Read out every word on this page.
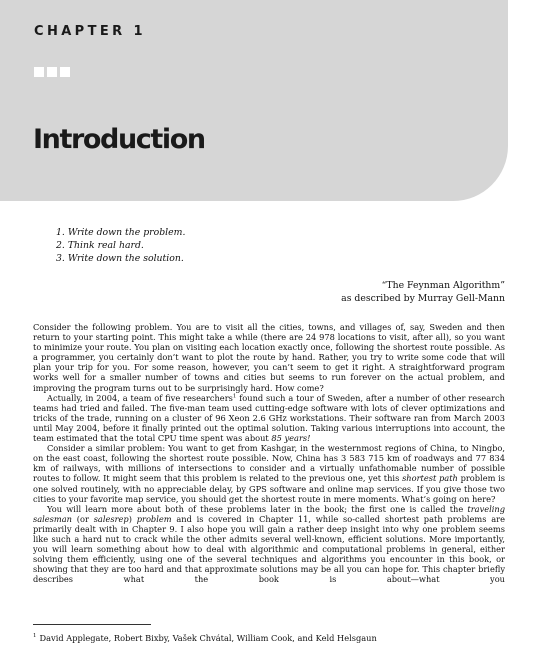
CHAPTER 1
Introduction
1. Write down the problem.
2. Think real hard.
3. Write down the solution.
“The Feynman Algorithm”
as described by Murray Gell-Mann

Consider the following problem. You are to visit all the cities, towns, and villages of, say, Sweden and then return to your starting point. This might take a while (there are 24 978 locations to visit, after all), so you want to minimize your route. You plan on visiting each location exactly once, following the shortest route possible. As a programmer, you certainly don’t want to plot the route by hand. Rather, you try to write some code that will plan your trip for you. For some reason, however, you can’t seem to get it right. A straightforward program works well for a smaller number of towns and cities but seems to run forever on the actual problem, and improving the program turns out to be surprisingly hard. How come?

Actually, in 2004, a team of five researchers$^1$ found such a tour of Sweden, after a number of other research teams had tried and failed. The five-man team used cutting-edge software with lots of clever optimizations and tricks of the trade, running on a cluster of 96 Xeon 2.6 GHz workstations. Their software ran from March 2003 until May 2004, before it finally printed out the optimal solution. Taking various interruptions into account, the team estimated that the total CPU time spent was about 85 years!

Consider a similar problem: You want to get from Kashgar, in the westernmost regions of China, to Ningbo, on the east coast, following the shortest route possible. Now, China has 3 583 715 km of roadways and 77 834 km of railways, with millions of intersections to consider and a virtually unfathomable number of possible routes to follow. It might seem that this problem is related to the previous one, yet this shortest path problem is one solved routinely, with no appreciable delay, by GPS software and online map services. If you give those two cities to your favorite map service, you should get the shortest route in mere moments. What’s going on here?

You will learn more about both of these problems later in the book; the first one is called the traveling salesman (or salesrep) problem and is covered in Chapter 11, while so-called shortest path problems are primarily dealt with in Chapter 9. I also hope you will gain a rather deep insight into why one problem seems like such a hard nut to crack while the other admits several well-known, efficient solutions. More importantly, you will learn something about how to deal with algorithmic and computational problems in general, either solving them efficiently, using one of the several techniques and algorithms you encounter in this book, or showing that they are too hard and that approximate solutions may be all you can hope for. This chapter briefly describes what the book is about—what you

$^1$ David Applegate, Robert Bixby, Vašek Chvátal, William Cook, and Keld Helsgaun
